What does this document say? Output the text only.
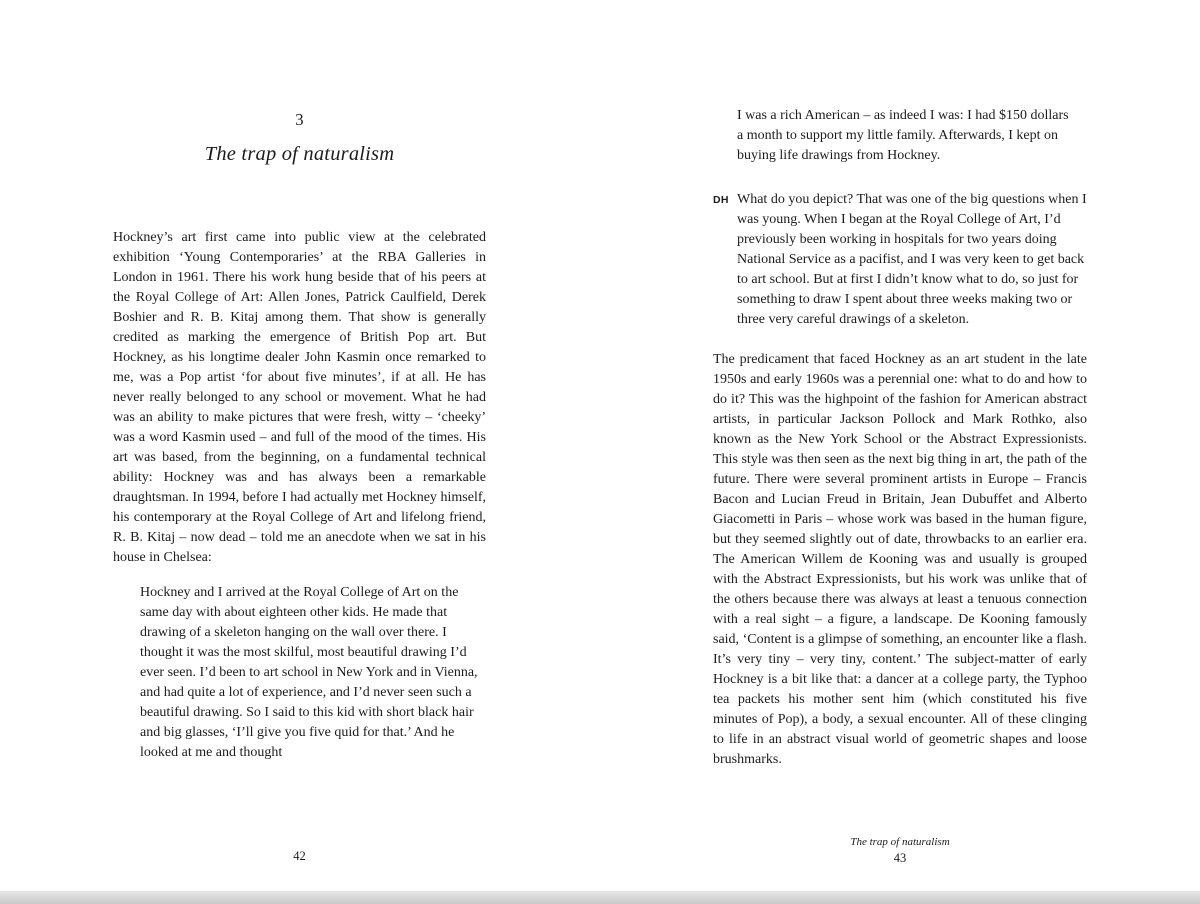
3
The trap of naturalism

Hockney’s art first came into public view at the celebrated exhibition ‘Young Contemporaries’ at the RBA Galleries in London in 1961. There his work hung beside that of his peers at the Royal College of Art: Allen Jones, Patrick Caulfield, Derek Boshier and R. B. Kitaj among them. That show is generally credited as marking the emergence of British Pop art. But Hockney, as his longtime dealer John Kasmin once remarked to me, was a Pop artist ‘for about five minutes’, if at all. He has never really belonged to any school or movement. What he had was an ability to make pictures that were fresh, witty – ‘cheeky’ was a word Kasmin used – and full of the mood of the times. His art was based, from the beginning, on a fundamental technical ability: Hockney was and has always been a remarkable draughtsman. In 1994, before I had actually met Hockney himself, his contemporary at the Royal College of Art and lifelong friend, R. B. Kitaj – now dead – told me an anecdote when we sat in his house in Chelsea:

Hockney and I arrived at the Royal College of Art on the same day with about eighteen other kids. He made that drawing of a skeleton hanging on the wall over there. I thought it was the most skilful, most beautiful drawing I’d ever seen. I’d been to art school in New York and in Vienna, and had quite a lot of experience, and I’d never seen such a beautiful drawing. So I said to this kid with short black hair and big glasses, ‘I’ll give you five quid for that.’ And he looked at me and thought
42
I was a rich American – as indeed I was: I had $150 dollars a month to support my little family. Afterwards, I kept on buying life drawings from Hockney.
DH What do you depict? That was one of the big questions when I was young. When I began at the Royal College of Art, I’d previously been working in hospitals for two years doing National Service as a pacifist, and I was very keen to get back to art school. But at first I didn’t know what to do, so just for something to draw I spent about three weeks making two or three very careful drawings of a skeleton.

The predicament that faced Hockney as an art student in the late 1950s and early 1960s was a perennial one: what to do and how to do it? This was the highpoint of the fashion for American abstract artists, in particular Jackson Pollock and Mark Rothko, also known as the New York School or the Abstract Expressionists. This style was then seen as the next big thing in art, the path of the future. There were several prominent artists in Europe – Francis Bacon and Lucian Freud in Britain, Jean Dubuffet and Alberto Giacometti in Paris – whose work was based in the human figure, but they seemed slightly out of date, throwbacks to an earlier era. The American Willem de Kooning was and usually is grouped with the Abstract Expressionists, but his work was unlike that of the others because there was always at least a tenuous connection with a real sight – a figure, a landscape. De Kooning famously said, ‘Content is a glimpse of something, an encounter like a flash. It’s very tiny – very tiny, content.’ The subject-matter of early Hockney is a bit like that: a dancer at a college party, the Typhoo tea packets his mother sent him (which constituted his five minutes of Pop), a body, a sexual encounter. All of these clinging to life in an abstract visual world of geometric shapes and loose brushmarks.

The trap of naturalism
43
